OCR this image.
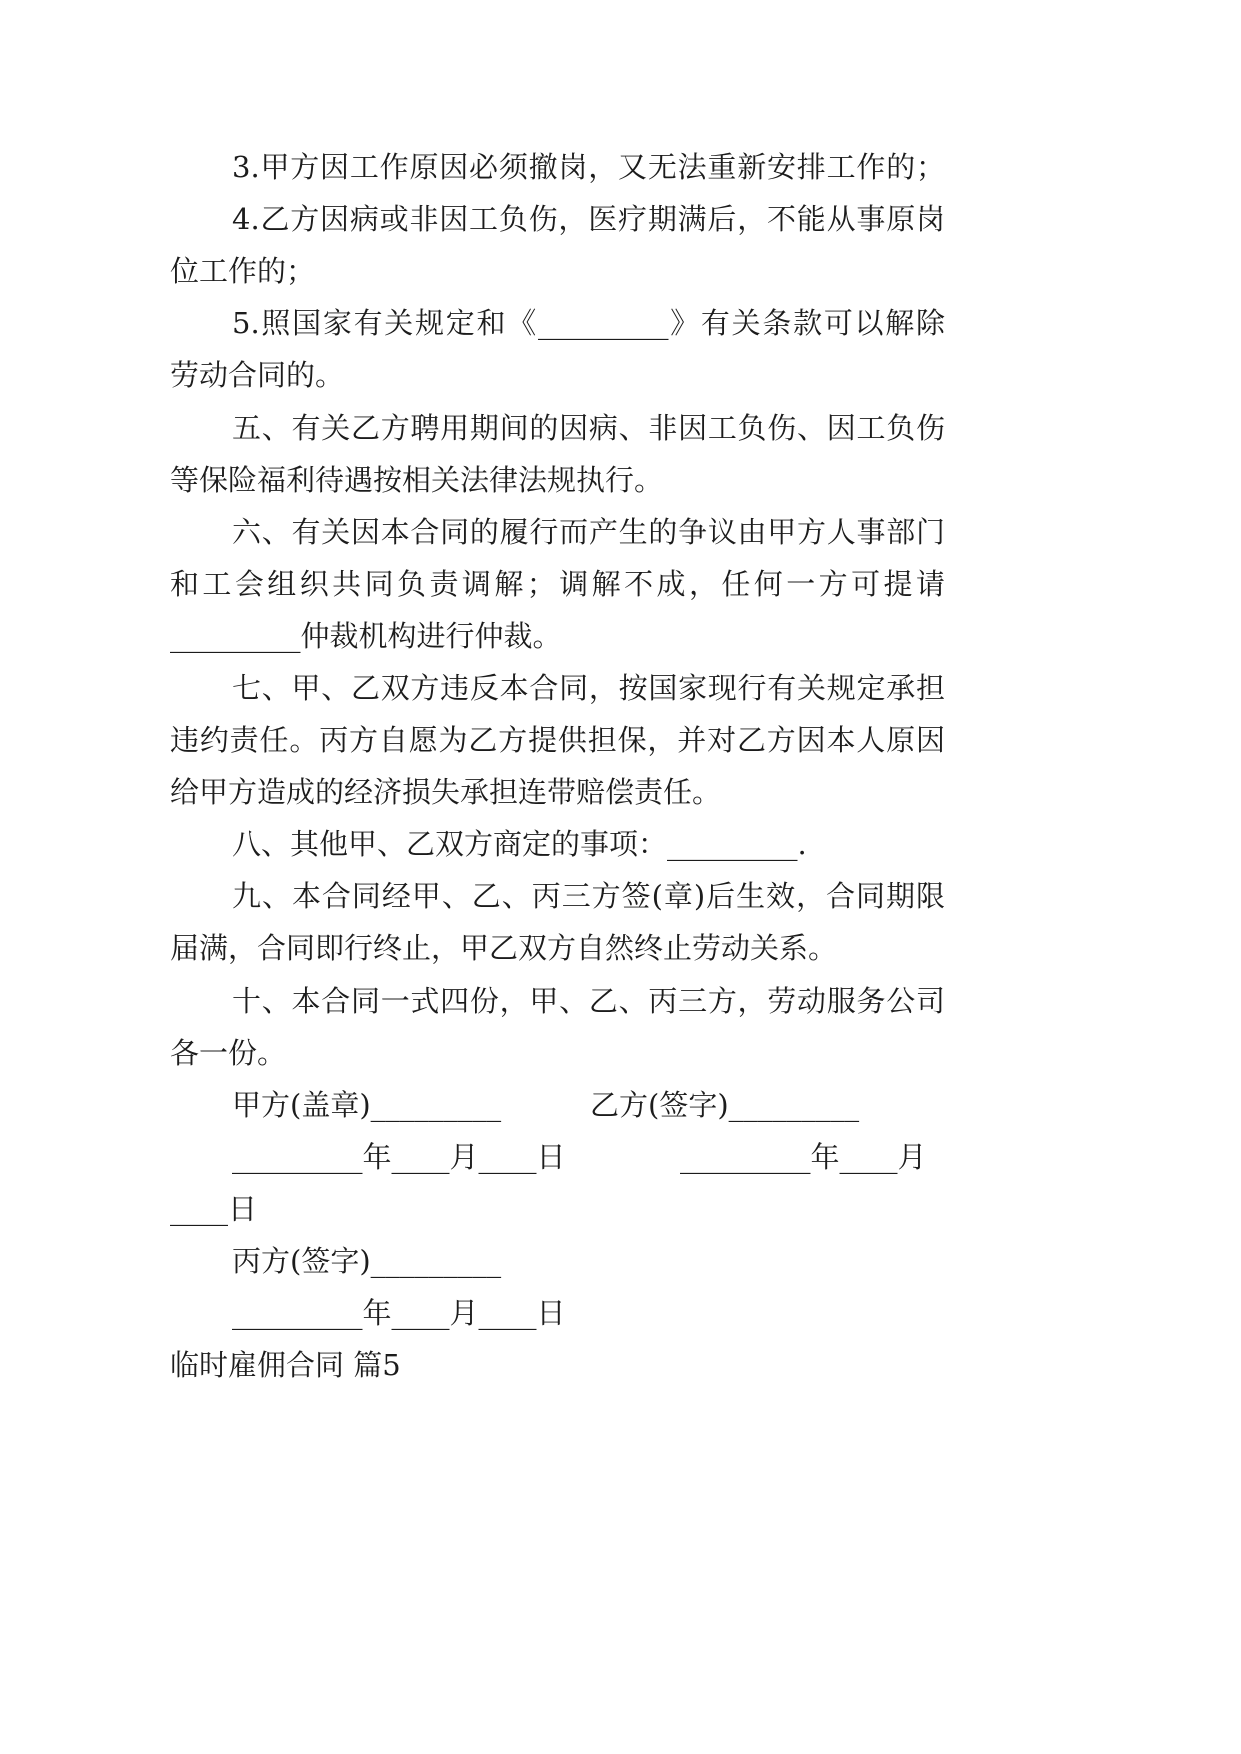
3.甲方因工作原因必须撤岗，又无法重新安排工作的；
4.乙方因病或非因工负伤，医疗期满后，不能从事原岗
位工作的；
5.照国家有关规定和《_________》有关条款可以解除
劳动合同的。
五、有关乙方聘用期间的因病、非因工负伤、因工负伤
等保险福利待遇按相关法律法规执行。
六、有关因本合同的履行而产生的争议由甲方人事部门
和工会组织共同负责调解；调解不成，任何一方可提请
_________仲裁机构进行仲裁。
七、甲、乙双方违反本合同，按国家现行有关规定承担
违约责任。丙方自愿为乙方提供担保，并对乙方因本人原因
给甲方造成的经济损失承担连带赔偿责任。
八、其他甲、乙双方商定的事项：_________.
九、本合同经甲、乙、丙三方签(章)后生效，合同期限
届满，合同即行终止，甲乙双方自然终止劳动关系。
十、本合同一式四份，甲、乙、丙三方，劳动服务公司
各一份。
甲方(盖章)_________	乙方(签字)_________
_________年____月____日	_________年____月
____日
丙方(签字)_________
_________年____月____日
临时雇佣合同 篇5
